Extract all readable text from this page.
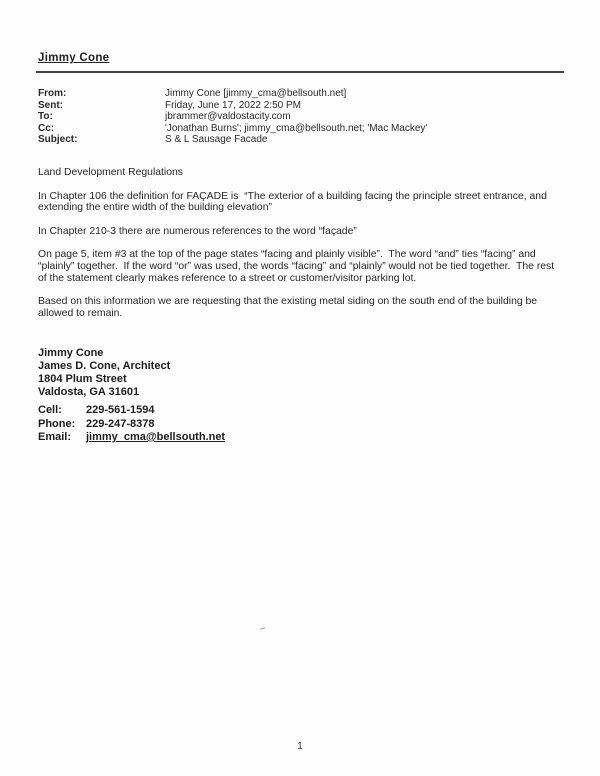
Jimmy Cone
From:	Jimmy Cone [jimmy_cma@bellsouth.net]
Sent:	Friday, June 17, 2022 2:50 PM
To:	jbrammer@valdostacity.com
Cc:	'Jonathan Burns'; jimmy_cma@bellsouth.net; 'Mac Mackey'
Subject:	S & L Sausage Facade

Land Development Regulations

In Chapter 106 the definition for FAÇADE is  “The exterior of a building facing the principle street entrance, and extending the entire width of the building elevation”

In Chapter 210-3 there are numerous references to the word “façade”

On page 5, item #3 at the top of the page states “facing and plainly visible”.  The word “and” ties “facing” and “plainly” together.  If the word “or” was used, the words “facing” and “plainly” would not be tied together.  The rest of the statement clearly makes reference to a street or customer/visitor parking lot.

Based on this information we are requesting that the existing metal siding on the south end of the building be allowed to remain.

Jimmy Cone
James D. Cone, Architect
1804 Plum Street
Valdosta, GA 31601
Cell:	229-561-1594
Phone: 229-247-8378
Email:	jimmy_cma@bellsouth.net
1
